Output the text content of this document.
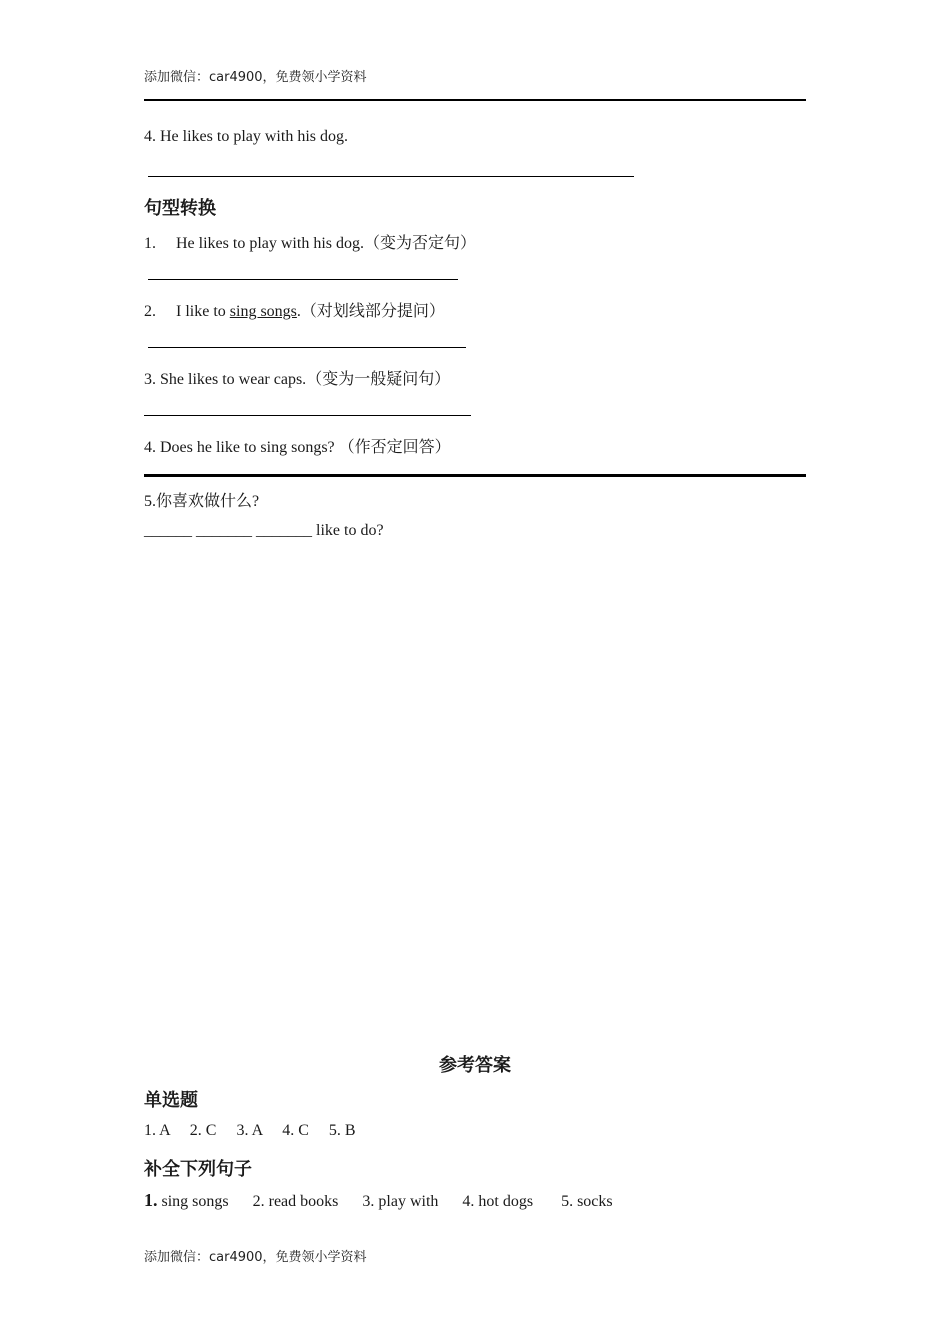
添加微信：car4900，免费领小学资料
4. He likes to play with his dog.
句型转换
1. He likes to play with his dog.（变为否定句）
2. I like to sing songs.（对划线部分提问）
3. She likes to wear caps.（变为一般疑问句）
4. Does he like to sing songs? （作否定回答）
5.你喜欢做什么?
______ _______ _______ like to do?
参考答案
单选题
1. A     2. C     3. A     4. C     5. B
补全下列句子
1. sing songs 2. read books 3. play with 4. hot dogs 5. socks
添加微信：car4900，免费领小学资料
